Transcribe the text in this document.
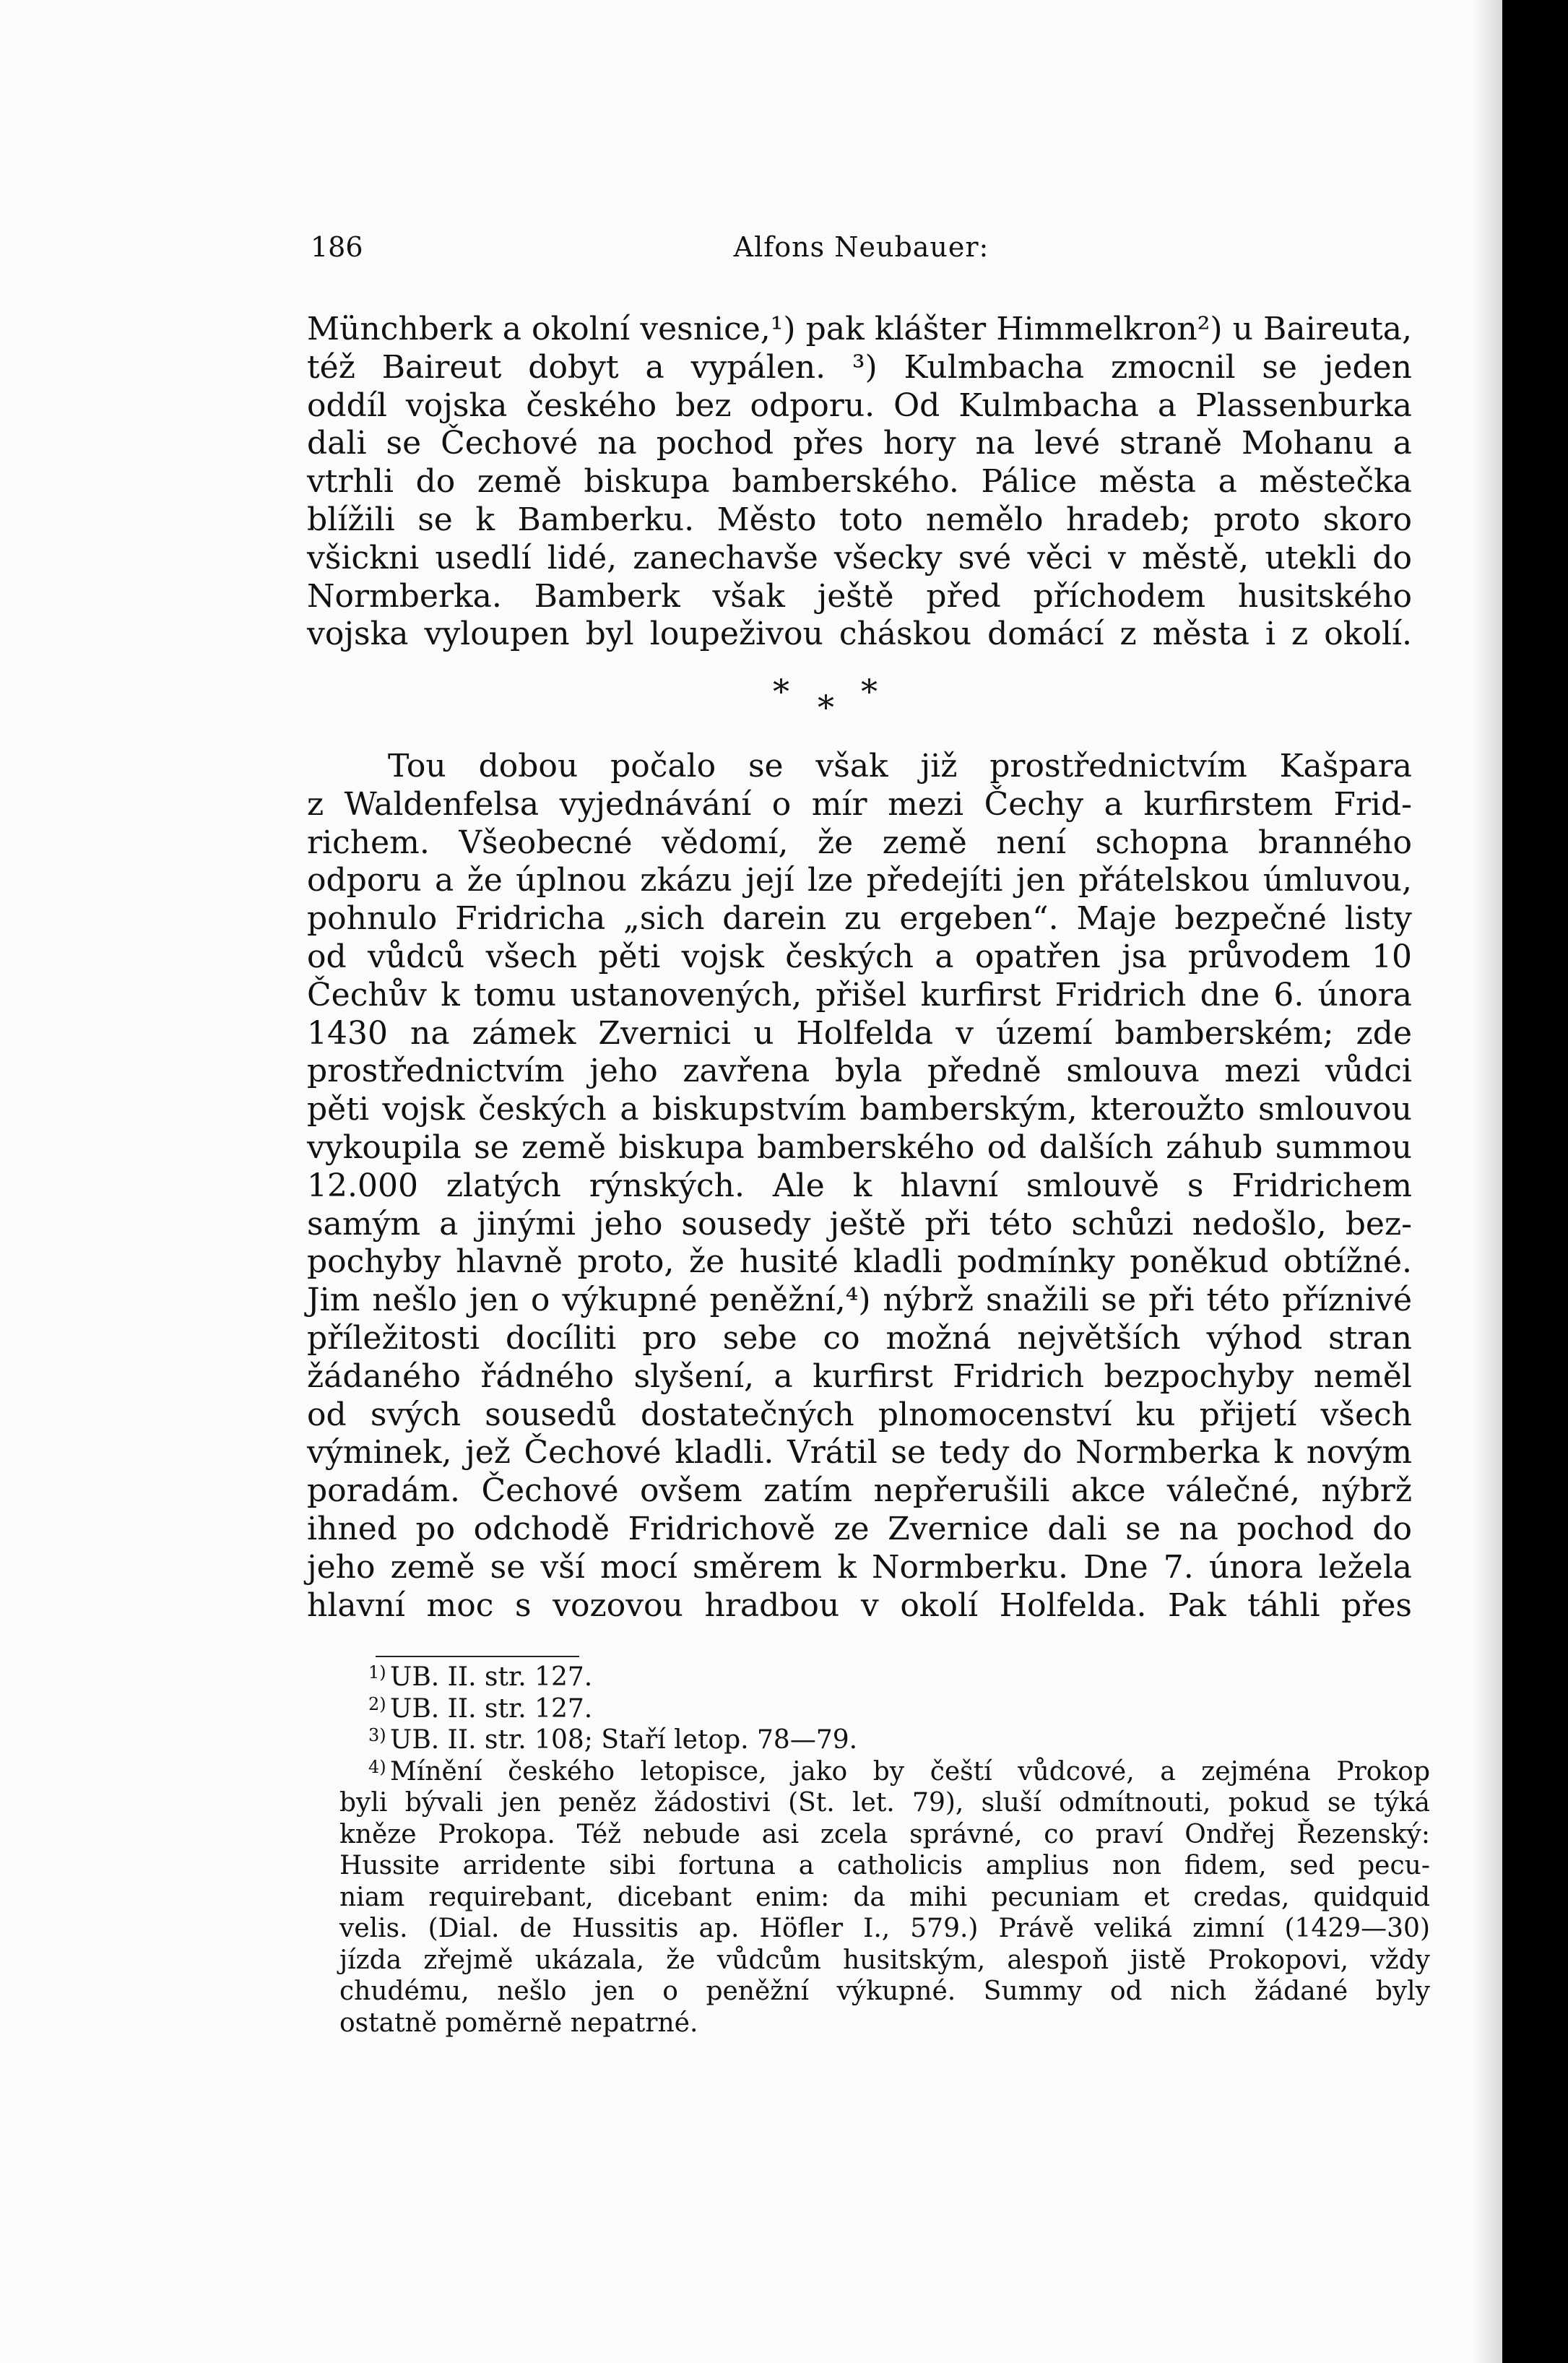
186	Alfons Neubauer:
Münchberk a okolní vesnice,¹) pak klášter Himmelkron²) u Baireuta,
též Baireut dobyt a vypálen. ³) Kulmbacha zmocnil se jeden
oddíl vojska českého bez odporu. Od Kulmbacha a Plassenburka
dali se Čechové na pochod přes hory na levé straně Mohanu a
vtrhli do země biskupa bamberského. Pálice města a městečka
blížili se k Bamberku. Město toto nemělo hradeb; proto skoro
všickni usedlí lidé, zanechavše všecky své věci v městě, utekli do
Normberka. Bamberk však ještě před příchodem husitského
vojska vyloupen byl loupeživou cháskou domácí z města i z okolí.
* * *
Tou dobou počalo se však již prostřednictvím Kašpara
z Waldenfelsa vyjednávání o mír mezi Čechy a kurfirstem Frid-
richem. Všeobecné vědomí, že země není schopna branného
odporu a že úplnou zkázu její lze předejíti jen přátelskou úmluvou,
pohnulo Fridricha „sich darein zu ergeben“. Maje bezpečné listy
od vůdců všech pěti vojsk českých a opatřen jsa průvodem 10
Čechův k tomu ustanovených, přišel kurfirst Fridrich dne 6. února
1430 na zámek Zvernici u Holfelda v území bamberském; zde
prostřednictvím jeho zavřena byla předně smlouva mezi vůdci
pěti vojsk českých a biskupstvím bamberským, kteroužto smlouvou
vykoupila se země biskupa bamberského od dalších záhub summou
12.000 zlatých rýnských. Ale k hlavní smlouvě s Fridrichem
samým a jinými jeho sousedy ještě při této schůzi nedošlo, bez-
pochyby hlavně proto, že husité kladli podmínky poněkud obtížné.
Jim nešlo jen o výkupné peněžní,⁴) nýbrž snažili se při této příznivé
příležitosti docíliti pro sebe co možná největších výhod stran
žádaného řádného slyšení, a kurfirst Fridrich bezpochyby neměl
od svých sousedů dostatečných plnomocenství ku přijetí všech
výminek, jež Čechové kladli. Vrátil se tedy do Normberka k novým
poradám. Čechové ovšem zatím nepřerušili akce válečné, nýbrž
ihned po odchodě Fridrichově ze Zvernice dali se na pochod do
jeho země se vší mocí směrem k Normberku. Dne 7. února ležela
hlavní moc s vozovou hradbou v okolí Holfelda. Pak táhli přes
1) UB. II. str. 127.
2) UB. II. str. 127.
3) UB. II. str. 108; Staří letop. 78—79.
4) Mínění českého letopisce, jako by čeští vůdcové, a zejména Prokop
byli bývali jen peněz žádostivi (St. let. 79), sluší odmítnouti, pokud se týká
kněze Prokopa. Též nebude asi zcela správné, co praví Ondřej Řezenský:
Hussite arridente sibi fortuna a catholicis amplius non fidem, sed pecu-
niam requirebant, dicebant enim: da mihi pecuniam et credas, quidquid
velis. (Dial. de Hussitis ap. Höfler I., 579.) Právě veliká zimní (1429—30)
jízda zřejmě ukázala, že vůdcům husitským, alespoň jistě Prokopovi, vždy
chudému, nešlo jen o peněžní výkupné. Summy od nich žádané byly
ostatně poměrně nepatrné.
